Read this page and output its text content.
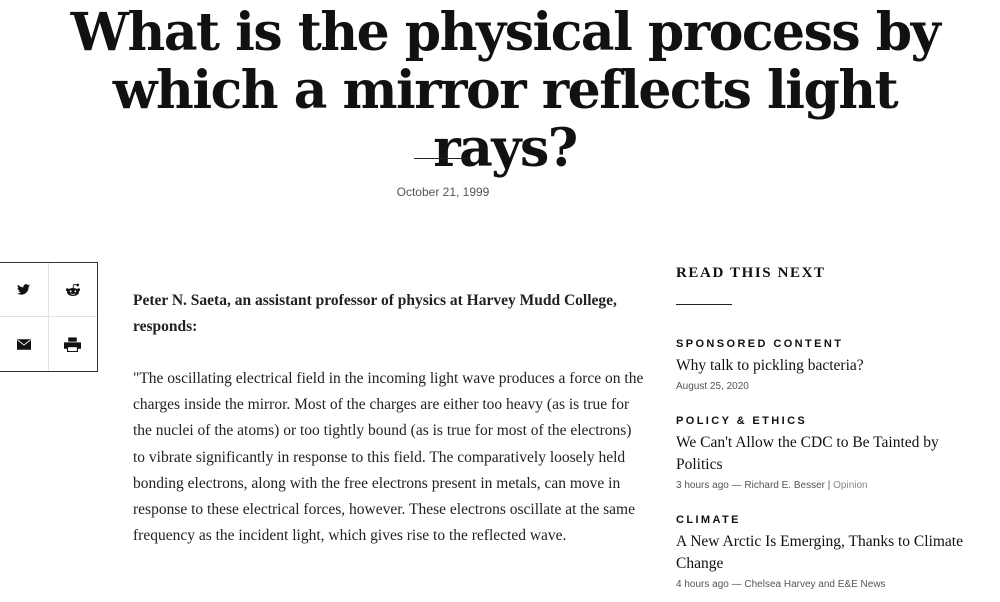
What is the physical process by which a mirror reflects light rays?
October 21, 1999

Peter N. Saeta, an assistant professor of physics at Harvey Mudd College, responds:

"The oscillating electrical field in the incoming light wave produces a force on the charges inside the mirror. Most of the charges are either too heavy (as is true for the nuclei of the atoms) or too tightly bound (as is true for most of the electrons) to vibrate significantly in response to this field. The comparatively loosely held bonding electrons, along with the free electrons present in metals, can move in response to these electrical forces, however. These electrons oscillate at the same frequency as the incident light, which gives rise to the reflected wave.

READ THIS NEXT
SPONSORED CONTENT
Why talk to pickling bacteria?
August 25, 2020
POLICY & ETHICS
We Can't Allow the CDC to Be Tainted by Politics
3 hours ago — Richard E. Besser | Opinion
CLIMATE
A New Arctic Is Emerging, Thanks to Climate Change
4 hours ago — Chelsea Harvey and E&E News
